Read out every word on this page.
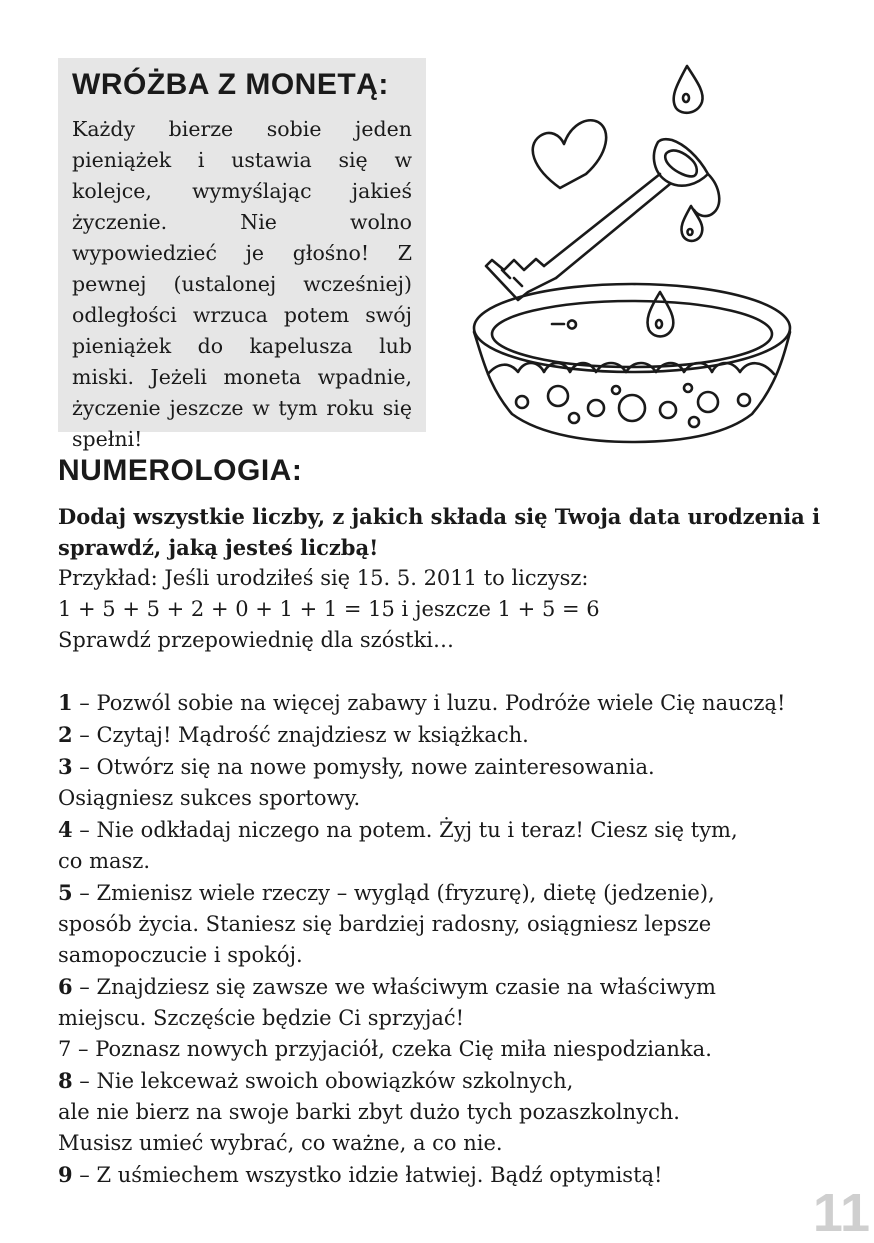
WRÓŻBA Z MONETĄ:

Każdy bierze sobie jeden pieniążek i ustawia się w kolejce, wymyślając jakieś życzenie. Nie wolno wypowiedzieć je głośno! Z pewnej (ustalonej wcześniej) odległości wrzuca potem swój pieniążek do kapelusza lub miski. Jeżeli moneta wpadnie, życzenie jeszcze w tym roku się spełni!

NUMEROLOGIA:

Dodaj wszystkie liczby, z jakich składa się Twoja data urodzenia i sprawdź, jaką jesteś liczbą!

Przykład: Jeśli urodziłeś się 15. 5. 2011 to liczysz:

1 + 5 + 5 + 2 + 0 + 1 + 1 = 15 i jeszcze 1 + 5 = 6

Sprawdź przepowiednię dla szóstki…

1 – Pozwól sobie na więcej zabawy i luzu. Podróże wiele Cię nauczą!

2 – Czytaj! Mądrość znajdziesz w książkach.

3 – Otwórz się na nowe pomysły, nowe zainteresowania.

Osiągniesz sukces sportowy.

4 – Nie odkładaj niczego na potem. Żyj tu i teraz! Ciesz się tym,

co masz.

5 – Zmienisz wiele rzeczy – wygląd (fryzurę), dietę (jedzenie),

sposób życia. Staniesz się bardziej radosny, osiągniesz lepsze

samopoczucie i spokój.

6 – Znajdziesz się zawsze we właściwym czasie na właściwym

miejscu. Szczęście będzie Ci sprzyjać!

7 – Poznasz nowych przyjaciół, czeka Cię miła niespodzianka.

8 – Nie lekceważ swoich obowiązków szkolnych,

ale nie bierz na swoje barki zbyt dużo tych pozaszkolnych.

Musisz umieć wybrać, co ważne, a co nie.

9 – Z uśmiechem wszystko idzie łatwiej. Bądź optymistą!

11
